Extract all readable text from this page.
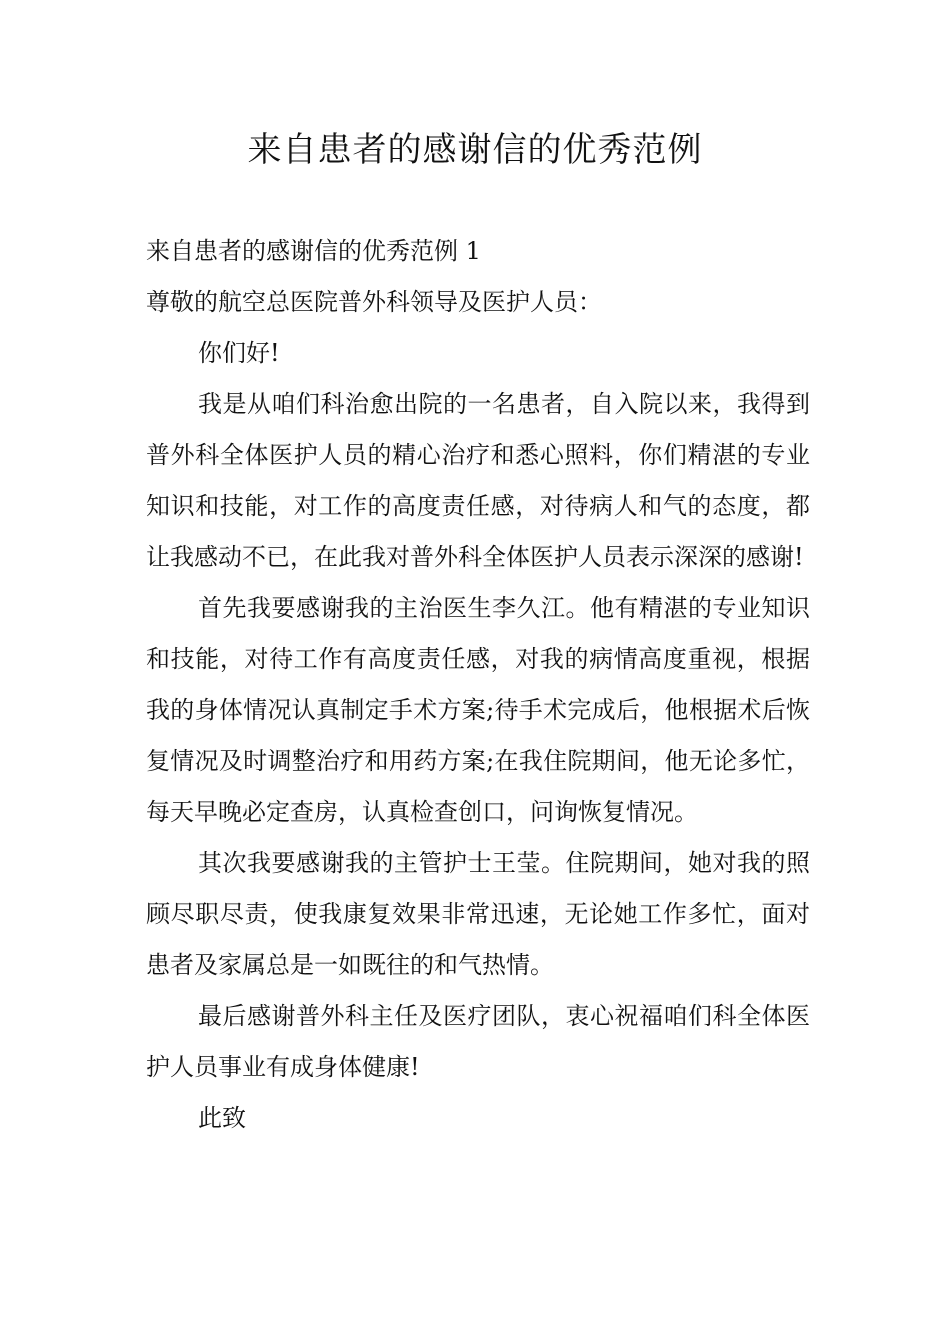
来自患者的感谢信的优秀范例

来自患者的感谢信的优秀范例 1

尊敬的航空总医院普外科领导及医护人员：

你们好!

我是从咱们科治愈出院的一名患者，自入院以来，我得到普外科全体医护人员的精心治疗和悉心照料，你们精湛的专业知识和技能，对工作的高度责任感，对待病人和气的态度，都让我感动不已，在此我对普外科全体医护人员表示深深的感谢!

首先我要感谢我的主治医生李久江。他有精湛的专业知识和技能，对待工作有高度责任感，对我的病情高度重视，根据我的身体情况认真制定手术方案;待手术完成后，他根据术后恢复情况及时调整治疗和用药方案;在我住院期间，他无论多忙，每天早晚必定查房，认真检查创口，问询恢复情况。

其次我要感谢我的主管护士王莹。住院期间，她对我的照顾尽职尽责，使我康复效果非常迅速，无论她工作多忙，面对患者及家属总是一如既往的和气热情。

最后感谢普外科主任及医疗团队，衷心祝福咱们科全体医护人员事业有成身体健康!

此致
